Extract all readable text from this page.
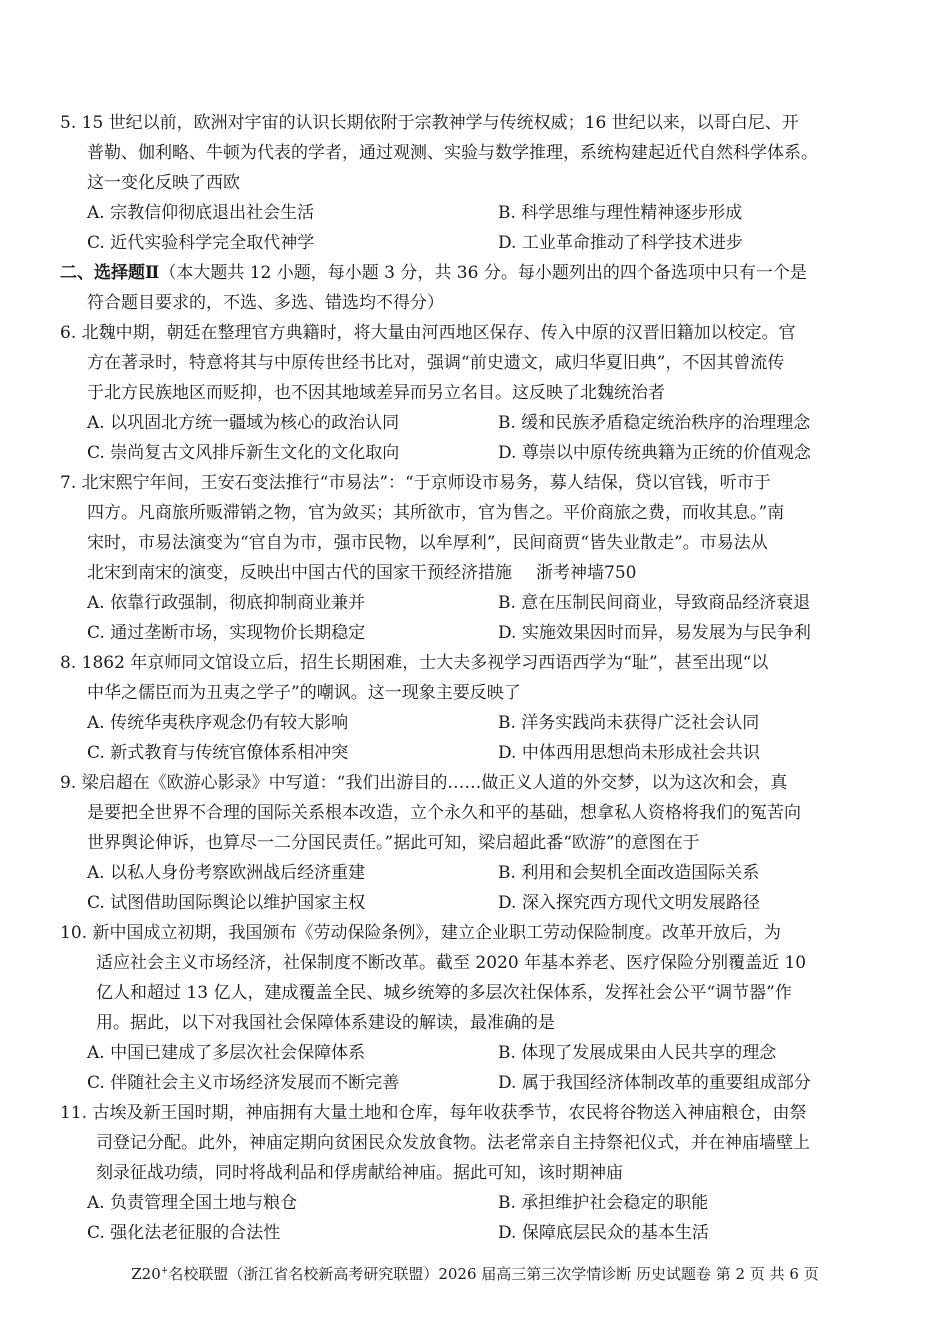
5. 15 世纪以前，欧洲对宇宙的认识长期依附于宗教神学与传统权威；16 世纪以来，以哥白尼、开
普勒、伽利略、牛顿为代表的学者，通过观测、实验与数学推理，系统构建起近代自然科学体系。
这一变化反映了西欧
A. 宗教信仰彻底退出社会生活	B. 科学思维与理性精神逐步形成
C. 近代实验科学完全取代神学	D. 工业革命推动了科学技术进步
二、选择题Ⅱ（本大题共 12 小题，每小题 3 分，共 36 分。每小题列出的四个备选项中只有一个是
符合题目要求的，不选、多选、错选均不得分）
6. 北魏中期，朝廷在整理官方典籍时，将大量由河西地区保存、传入中原的汉晋旧籍加以校定。官
方在著录时，特意将其与中原传世经书比对，强调“前史遗文，咸归华夏旧典”，不因其曾流传
于北方民族地区而贬抑，也不因其地域差异而另立名目。这反映了北魏统治者
A. 以巩固北方统一疆域为核心的政治认同	B. 缓和民族矛盾稳定统治秩序的治理理念
C. 崇尚复古文风排斥新生文化的文化取向	D. 尊崇以中原传统典籍为正统的价值观念
7. 北宋熙宁年间，王安石变法推行“市易法”：“于京师设市易务，募人结保，贷以官钱，听市于
四方。凡商旅所贩滞销之物，官为敛买；其所欲市，官为售之。平价商旅之费，而收其息。”南
宋时，市易法演变为“官自为市，强市民物，以牟厚利”，民间商贾“皆失业散走”。市易法从
北宋到南宋的演变，反映出中国古代的国家干预经济措施 浙考神墙750
A. 依靠行政强制，彻底抑制商业兼并	B. 意在压制民间商业，导致商品经济衰退
C. 通过垄断市场，实现物价长期稳定	D. 实施效果因时而异，易发展为与民争利
8. 1862 年京师同文馆设立后，招生长期困难，士大夫多视学习西语西学为“耻”，甚至出现“以
中华之儒臣而为丑夷之学子”的嘲讽。这一现象主要反映了
A. 传统华夷秩序观念仍有较大影响	B. 洋务实践尚未获得广泛社会认同
C. 新式教育与传统官僚体系相冲突	D. 中体西用思想尚未形成社会共识
9. 梁启超在《欧游心影录》中写道：“我们出游目的……做正义人道的外交梦，以为这次和会，真
是要把全世界不合理的国际关系根本改造，立个永久和平的基础，想拿私人资格将我们的冤苦向
世界舆论伸诉，也算尽一二分国民责任。”据此可知，梁启超此番“欧游”的意图在于
A. 以私人身份考察欧洲战后经济重建	B. 利用和会契机全面改造国际关系
C. 试图借助国际舆论以维护国家主权	D. 深入探究西方现代文明发展路径
10. 新中国成立初期，我国颁布《劳动保险条例》，建立企业职工劳动保险制度。改革开放后，为
适应社会主义市场经济，社保制度不断改革。截至 2020 年基本养老、医疗保险分别覆盖近 10
亿人和超过 13 亿人，建成覆盖全民、城乡统筹的多层次社保体系，发挥社会公平“调节器”作
用。据此，以下对我国社会保障体系建设的解读，最准确的是
A. 中国已建成了多层次社会保障体系	B. 体现了发展成果由人民共享的理念
C. 伴随社会主义市场经济发展而不断完善	D. 属于我国经济体制改革的重要组成部分
11. 古埃及新王国时期，神庙拥有大量土地和仓库，每年收获季节，农民将谷物送入神庙粮仓，由祭
司登记分配。此外，神庙定期向贫困民众发放食物。法老常亲自主持祭祀仪式，并在神庙墙壁上
刻录征战功绩，同时将战利品和俘虏献给神庙。据此可知，该时期神庙
A. 负责管理全国土地与粮仓	B. 承担维护社会稳定的职能
C. 强化法老征服的合法性	D. 保障底层民众的基本生活
Z20+名校联盟（浙江省名校新高考研究联盟）2026 届高三第三次学情诊断 历史试题卷 第 2 页 共 6 页
